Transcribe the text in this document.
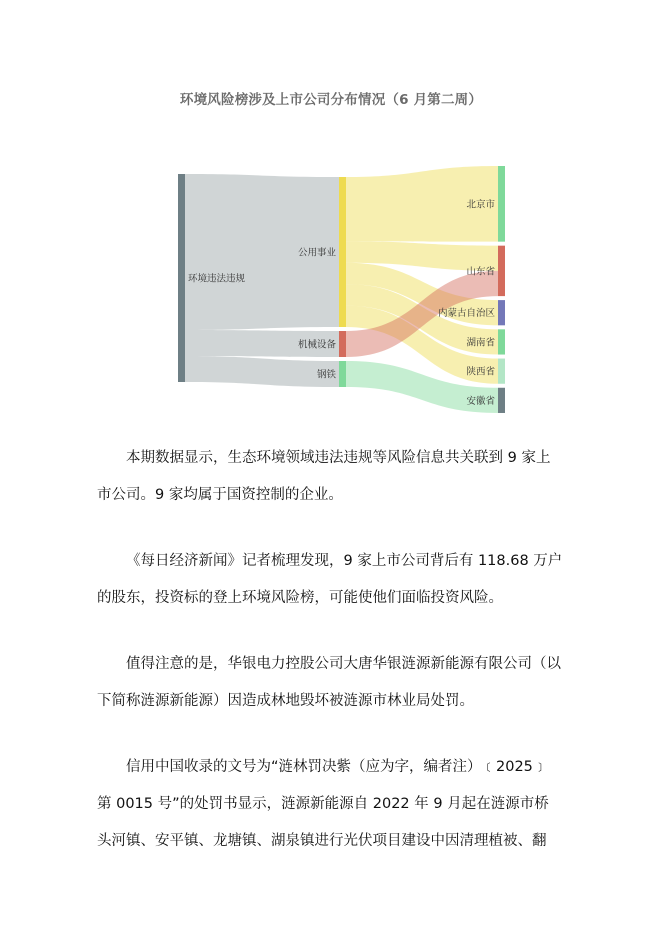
环境风险榜涉及上市公司分布情况（6 月第二周）
环境违法违规
公用事业
机械设备
钢铁
北京市
山东省
内蒙古自治区
湖南省
陕西省
安徽省
本期数据显示，生态环境领域违法违规等风险信息共关联到 9 家上
市公司。9 家均属于国资控制的企业。
《每日经济新闻》记者梳理发现，9 家上市公司背后有 118.68 万户
的股东，投资标的登上环境风险榜，可能使他们面临投资风险。
值得注意的是，华银电力控股公司大唐华银涟源新能源有限公司（以
下简称涟源新能源）因造成林地毁坏被涟源市林业局处罚。
信用中国收录的文号为“涟林罚决紫（应为字，编者注）﹝2025﹞
第 0015 号”的处罚书显示，涟源新能源自 2022 年 9 月起在涟源市桥
头河镇、安平镇、龙塘镇、湖泉镇进行光伏项目建设中因清理植被、翻
